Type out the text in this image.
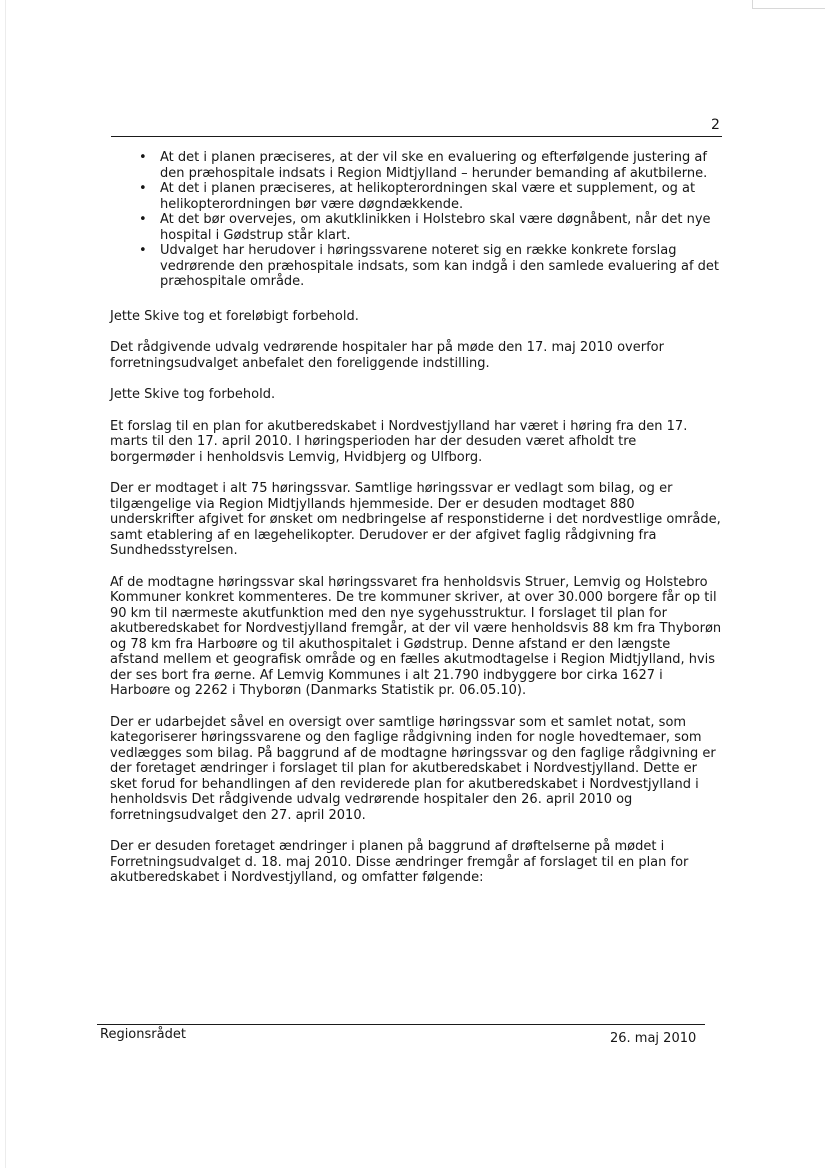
2
• At det i planen præciseres, at der vil ske en evaluering og efterfølgende justering af den præhospitale indsats i Region Midtjylland – herunder bemanding af akutbilerne.
• At det i planen præciseres, at helikopterordningen skal være et supplement, og at helikopterordningen bør være døgndækkende.
• At det bør overvejes, om akutklinikken i Holstebro skal være døgnåbent, når det nye hospital i Gødstrup står klart.
• Udvalget har herudover i høringssvarene noteret sig en række konkrete forslag vedrørende den præhospitale indsats, som kan indgå i den samlede evaluering af det præhospitale område.

Jette Skive tog et foreløbigt forbehold.

Det rådgivende udvalg vedrørende hospitaler har på møde den 17. maj 2010 overfor forretningsudvalget anbefalet den foreliggende indstilling.

Jette Skive tog forbehold.

Et forslag til en plan for akutberedskabet i Nordvestjylland har været i høring fra den 17. marts til den 17. april 2010. I høringsperioden har der desuden været afholdt tre borgermøder i henholdsvis Lemvig, Hvidbjerg og Ulfborg.

Der er modtaget i alt 75 høringssvar. Samtlige høringssvar er vedlagt som bilag, og er tilgængelige via Region Midtjyllands hjemmeside. Der er desuden modtaget 880 underskrifter afgivet for ønsket om nedbringelse af responstiderne i det nordvestlige område, samt etablering af en lægehelikopter. Derudover er der afgivet faglig rådgivning fra Sundhedsstyrelsen.

Af de modtagne høringssvar skal høringssvaret fra henholdsvis Struer, Lemvig og Holstebro Kommuner konkret kommenteres. De tre kommuner skriver, at over 30.000 borgere får op til 90 km til nærmeste akutfunktion med den nye sygehusstruktur. I forslaget til plan for akutberedskabet for Nordvestjylland fremgår, at der vil være henholdsvis 88 km fra Thyborøn og 78 km fra Harboøre og til akuthospitalet i Gødstrup. Denne afstand er den længste afstand mellem et geografisk område og en fælles akutmodtagelse i Region Midtjylland, hvis der ses bort fra øerne. Af Lemvig Kommunes i alt 21.790 indbyggere bor cirka 1627 i Harboøre og 2262 i Thyborøn (Danmarks Statistik pr. 06.05.10).

Der er udarbejdet såvel en oversigt over samtlige høringssvar som et samlet notat, som kategoriserer høringssvarene og den faglige rådgivning inden for nogle hovedtemaer, som vedlægges som bilag. På baggrund af de modtagne høringssvar og den faglige rådgivning er der foretaget ændringer i forslaget til plan for akutberedskabet i Nordvestjylland. Dette er sket forud for behandlingen af den reviderede plan for akutberedskabet i Nordvestjylland i henholdsvis Det rådgivende udvalg vedrørende hospitaler den 26. april 2010 og forretningsudvalget den 27. april 2010.

Der er desuden foretaget ændringer i planen på baggrund af drøftelserne på mødet i Forretningsudvalget d. 18. maj 2010. Disse ændringer fremgår af forslaget til en plan for akutberedskabet i Nordvestjylland, og omfatter følgende:

Regionsrådet	26. maj 2010
